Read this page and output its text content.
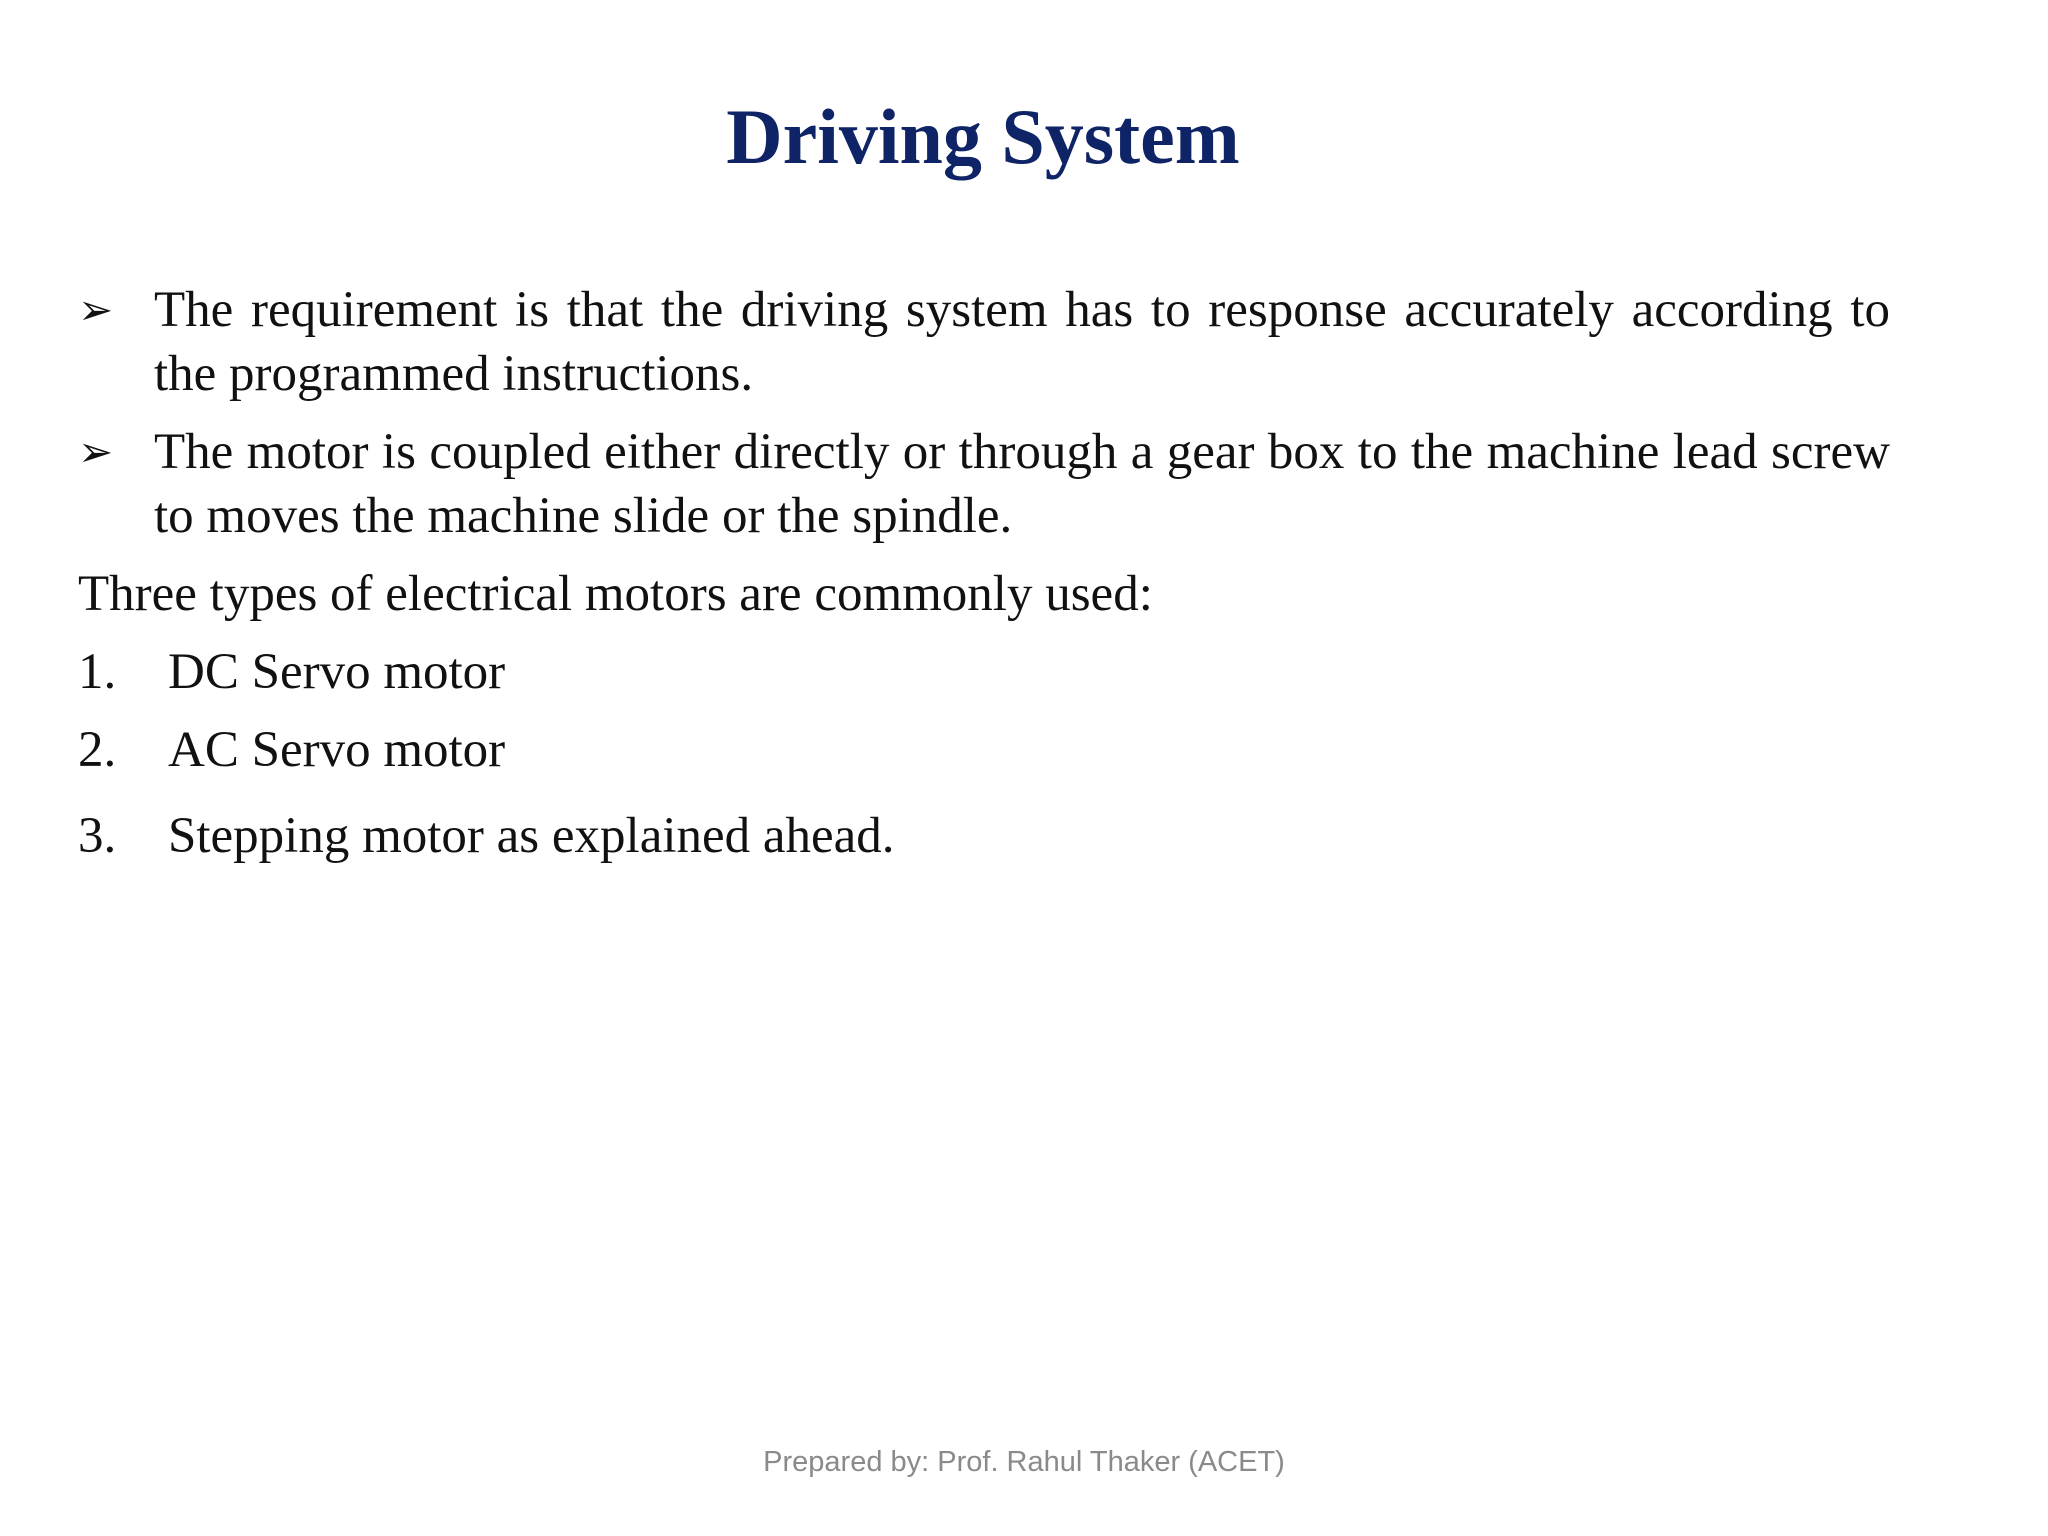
Driving System
➢ The requirement is that the driving system has to response accurately according to the programmed instructions.
➢ The motor is coupled either directly or through a gear box to the machine lead screw to moves the machine slide or the spindle.
Three types of electrical motors are commonly used:
1. DC Servo motor
2. AC Servo motor
3. Stepping motor as explained ahead.
Prepared by: Prof. Rahul Thaker (ACET)
